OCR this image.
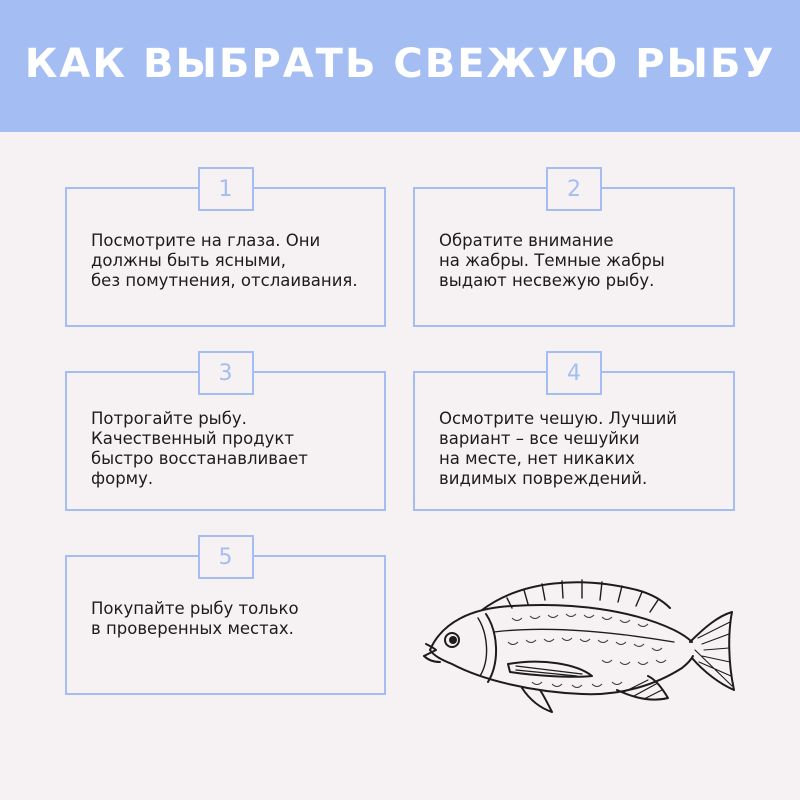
КАК ВЫБРАТЬ СВЕЖУЮ РЫБУ
1
Посмотрите на глаза. Они
должны быть ясными,
без помутнения, отслаивания.
2
Обратите внимание
на жабры. Темные жабры
выдают несвежую рыбу.
3
Потрогайте рыбу.
Качественный продукт
быстро восстанавливает
форму.
4
Осмотрите чешую. Лучший
вариант – все чешуйки
на месте, нет никаких
видимых повреждений.
5
Покупайте рыбу только
в проверенных местах.
